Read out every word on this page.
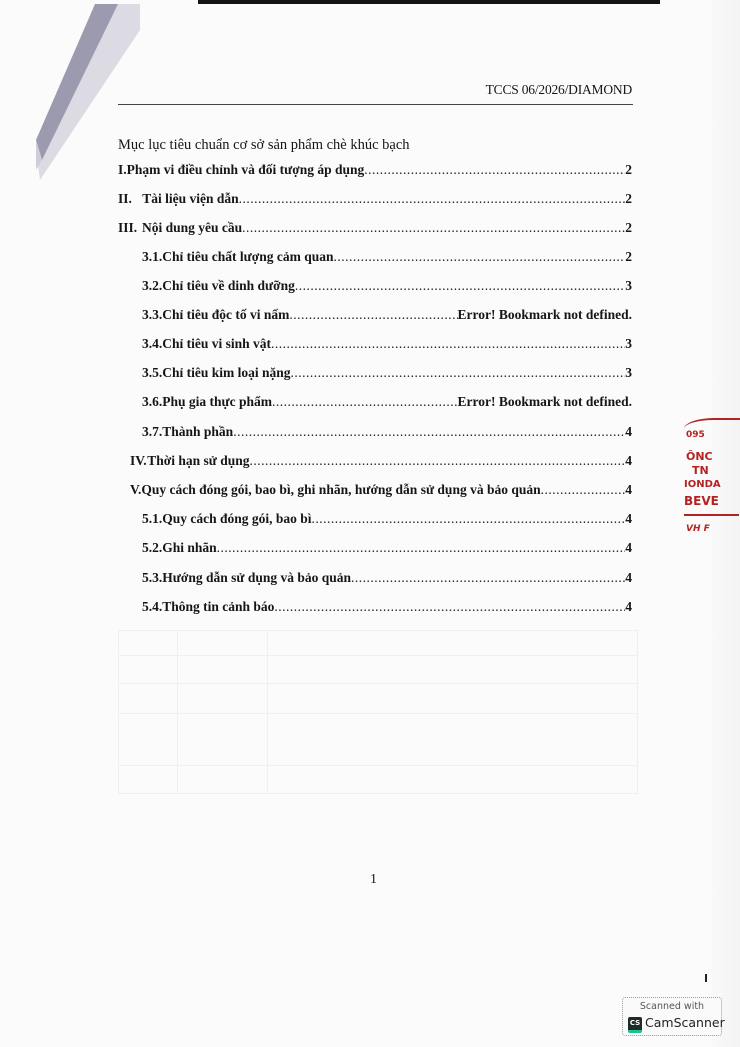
TCCS 06/2026/DIAMOND
Mục lục tiêu chuẩn cơ sở sản phẩm chè khúc bạch
I. Phạm vi điều chỉnh và đối tượng áp dụng .....	2
II. Tài liệu viện dẫn .....	2
III. Nội dung yêu cầu .....	2
3.1. Chỉ tiêu chất lượng cảm quan .....	2
3.2. Chỉ tiêu về dinh dưỡng .....	3
3.3. Chỉ tiêu độc tố vi nấm .....	Error! Bookmark not defined.
3.4. Chỉ tiêu vi sinh vật .....	3
3.5. Chỉ tiêu kim loại nặng .....	3
3.6. Phụ gia thực phẩm .....	Error! Bookmark not defined.
3.7. Thành phần .....	4
IV. Thời hạn sử dụng .....	4
V. Quy cách đóng gói, bao bì, ghi nhãn, hướng dẫn sử dụng và bảo quản .....	4
5.1. Quy cách đóng gói, bao bì .....	4
5.2. Ghi nhãn .....	4
5.3. Hướng dẫn sử dụng và bảo quản .....	4
5.4. Thông tin cảnh báo .....	4
095
ÔNC
TN
IONDA
BEVE
VH F
1
Scanned with
CS CamScanner
